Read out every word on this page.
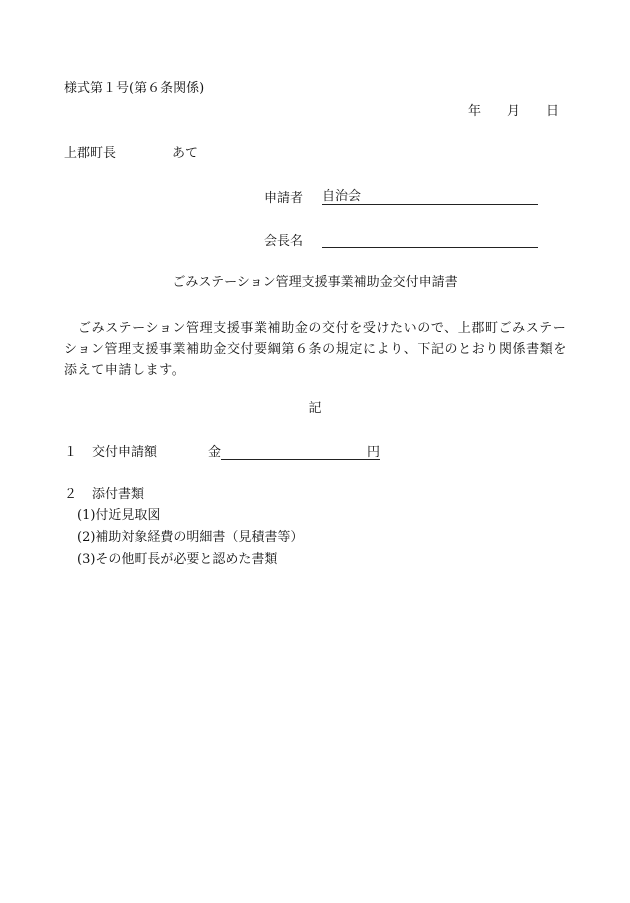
様式第１号(第６条関係)
年 月 日
上郡町長	あて
申請者 自治会
会長名
ごみステーション管理支援事業補助金交付申請書
ごみステーション管理支援事業補助金の交付を受けたいので、上郡町ごみステーション管理支援事業補助金交付要綱第６条の規定により、下記のとおり関係書類を添えて申請します。
記
１ 交付申請額	金	円
２ 添付書類
(1)付近見取図
(2)補助対象経費の明細書（見積書等）
(3)その他町長が必要と認めた書類
